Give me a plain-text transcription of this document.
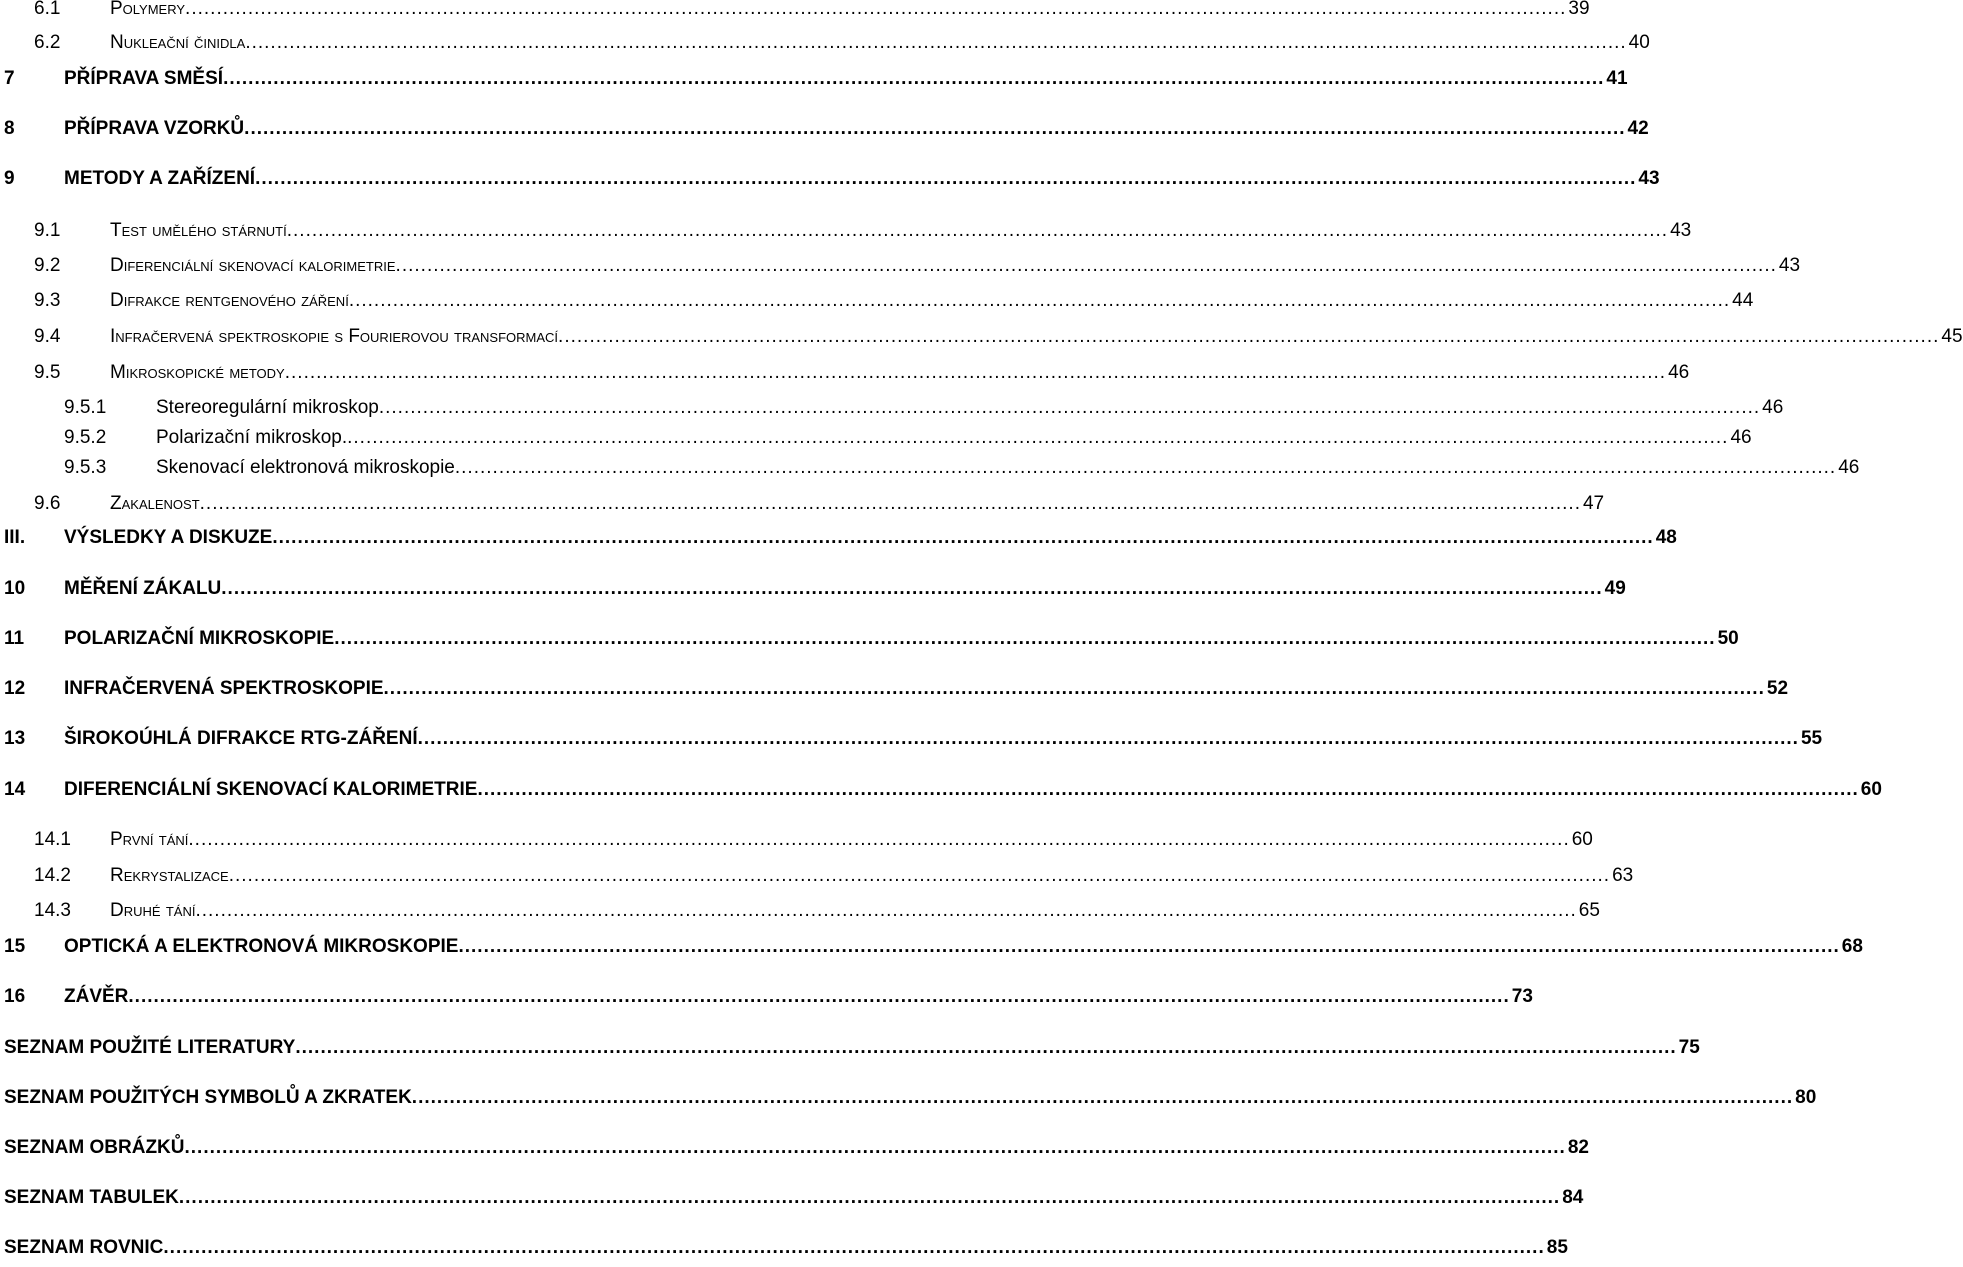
6.1	Polymery ............................................................................................................................................................................................................................ 39
6.2	Nukleační činidla ............................................................................................................................................................................................................................ 40
7	PŘÍPRAVA SMĚSÍ ............................................................................................................................................................................................................................ 41
8	PŘÍPRAVA VZORKŮ ............................................................................................................................................................................................................................ 42
9	METODY A ZAŘÍZENÍ ............................................................................................................................................................................................................................ 43
9.1	Test umělého stárnutí ............................................................................................................................................................................................................................ 43
9.2	Diferenciální skenovací kalorimetrie ............................................................................................................................................................................................................................ 43
9.3	Difrakce rentgenového záření ............................................................................................................................................................................................................................ 44
9.4	Infračervená spektroskopie s Fourierovou transformací ............................................................................................................................................................................................................................ 45
9.5	Mikroskopické metody ............................................................................................................................................................................................................................ 46
9.5.1	Stereoregulární mikroskop ............................................................................................................................................................................................................................ 46
9.5.2	Polarizační mikroskop. ............................................................................................................................................................................................................................ 46
9.5.3	Skenovací elektronová mikroskopie ............................................................................................................................................................................................................................ 46
9.6	Zakalenost ............................................................................................................................................................................................................................ 47
III. VÝSLEDKY A DISKUZE ............................................................................................................................................................................................................................ 48
10 MĚŘENÍ ZÁKALU ............................................................................................................................................................................................................................ 49
11 POLARIZAČNÍ MIKROSKOPIE ............................................................................................................................................................................................................................ 50
12 INFRAČERVENÁ SPEKTROSKOPIE ............................................................................................................................................................................................................................ 52
13 ŠIROKOÚHLÁ DIFRAKCE RTG-ZÁŘENÍ ............................................................................................................................................................................................................................ 55
14 DIFERENCIÁLNÍ SKENOVACÍ KALORIMETRIE ............................................................................................................................................................................................................................ 60
14.1 První tání ............................................................................................................................................................................................................................ 60
14.2 Rekrystalizace ............................................................................................................................................................................................................................ 63
14.3 Druhé tání ............................................................................................................................................................................................................................ 65
15 OPTICKÁ A ELEKTRONOVÁ MIKROSKOPIE ............................................................................................................................................................................................................................ 68
16 ZÁVĚR ............................................................................................................................................................................................................................ 73
SEZNAM POUŽITÉ LITERATURY ............................................................................................................................................................................................................................ 75
SEZNAM POUŽITÝCH SYMBOLŮ A ZKRATEK ............................................................................................................................................................................................................................ 80
SEZNAM OBRÁZKŮ ............................................................................................................................................................................................................................ 82
SEZNAM TABULEK ............................................................................................................................................................................................................................ 84
SEZNAM ROVNIC ............................................................................................................................................................................................................................ 85
